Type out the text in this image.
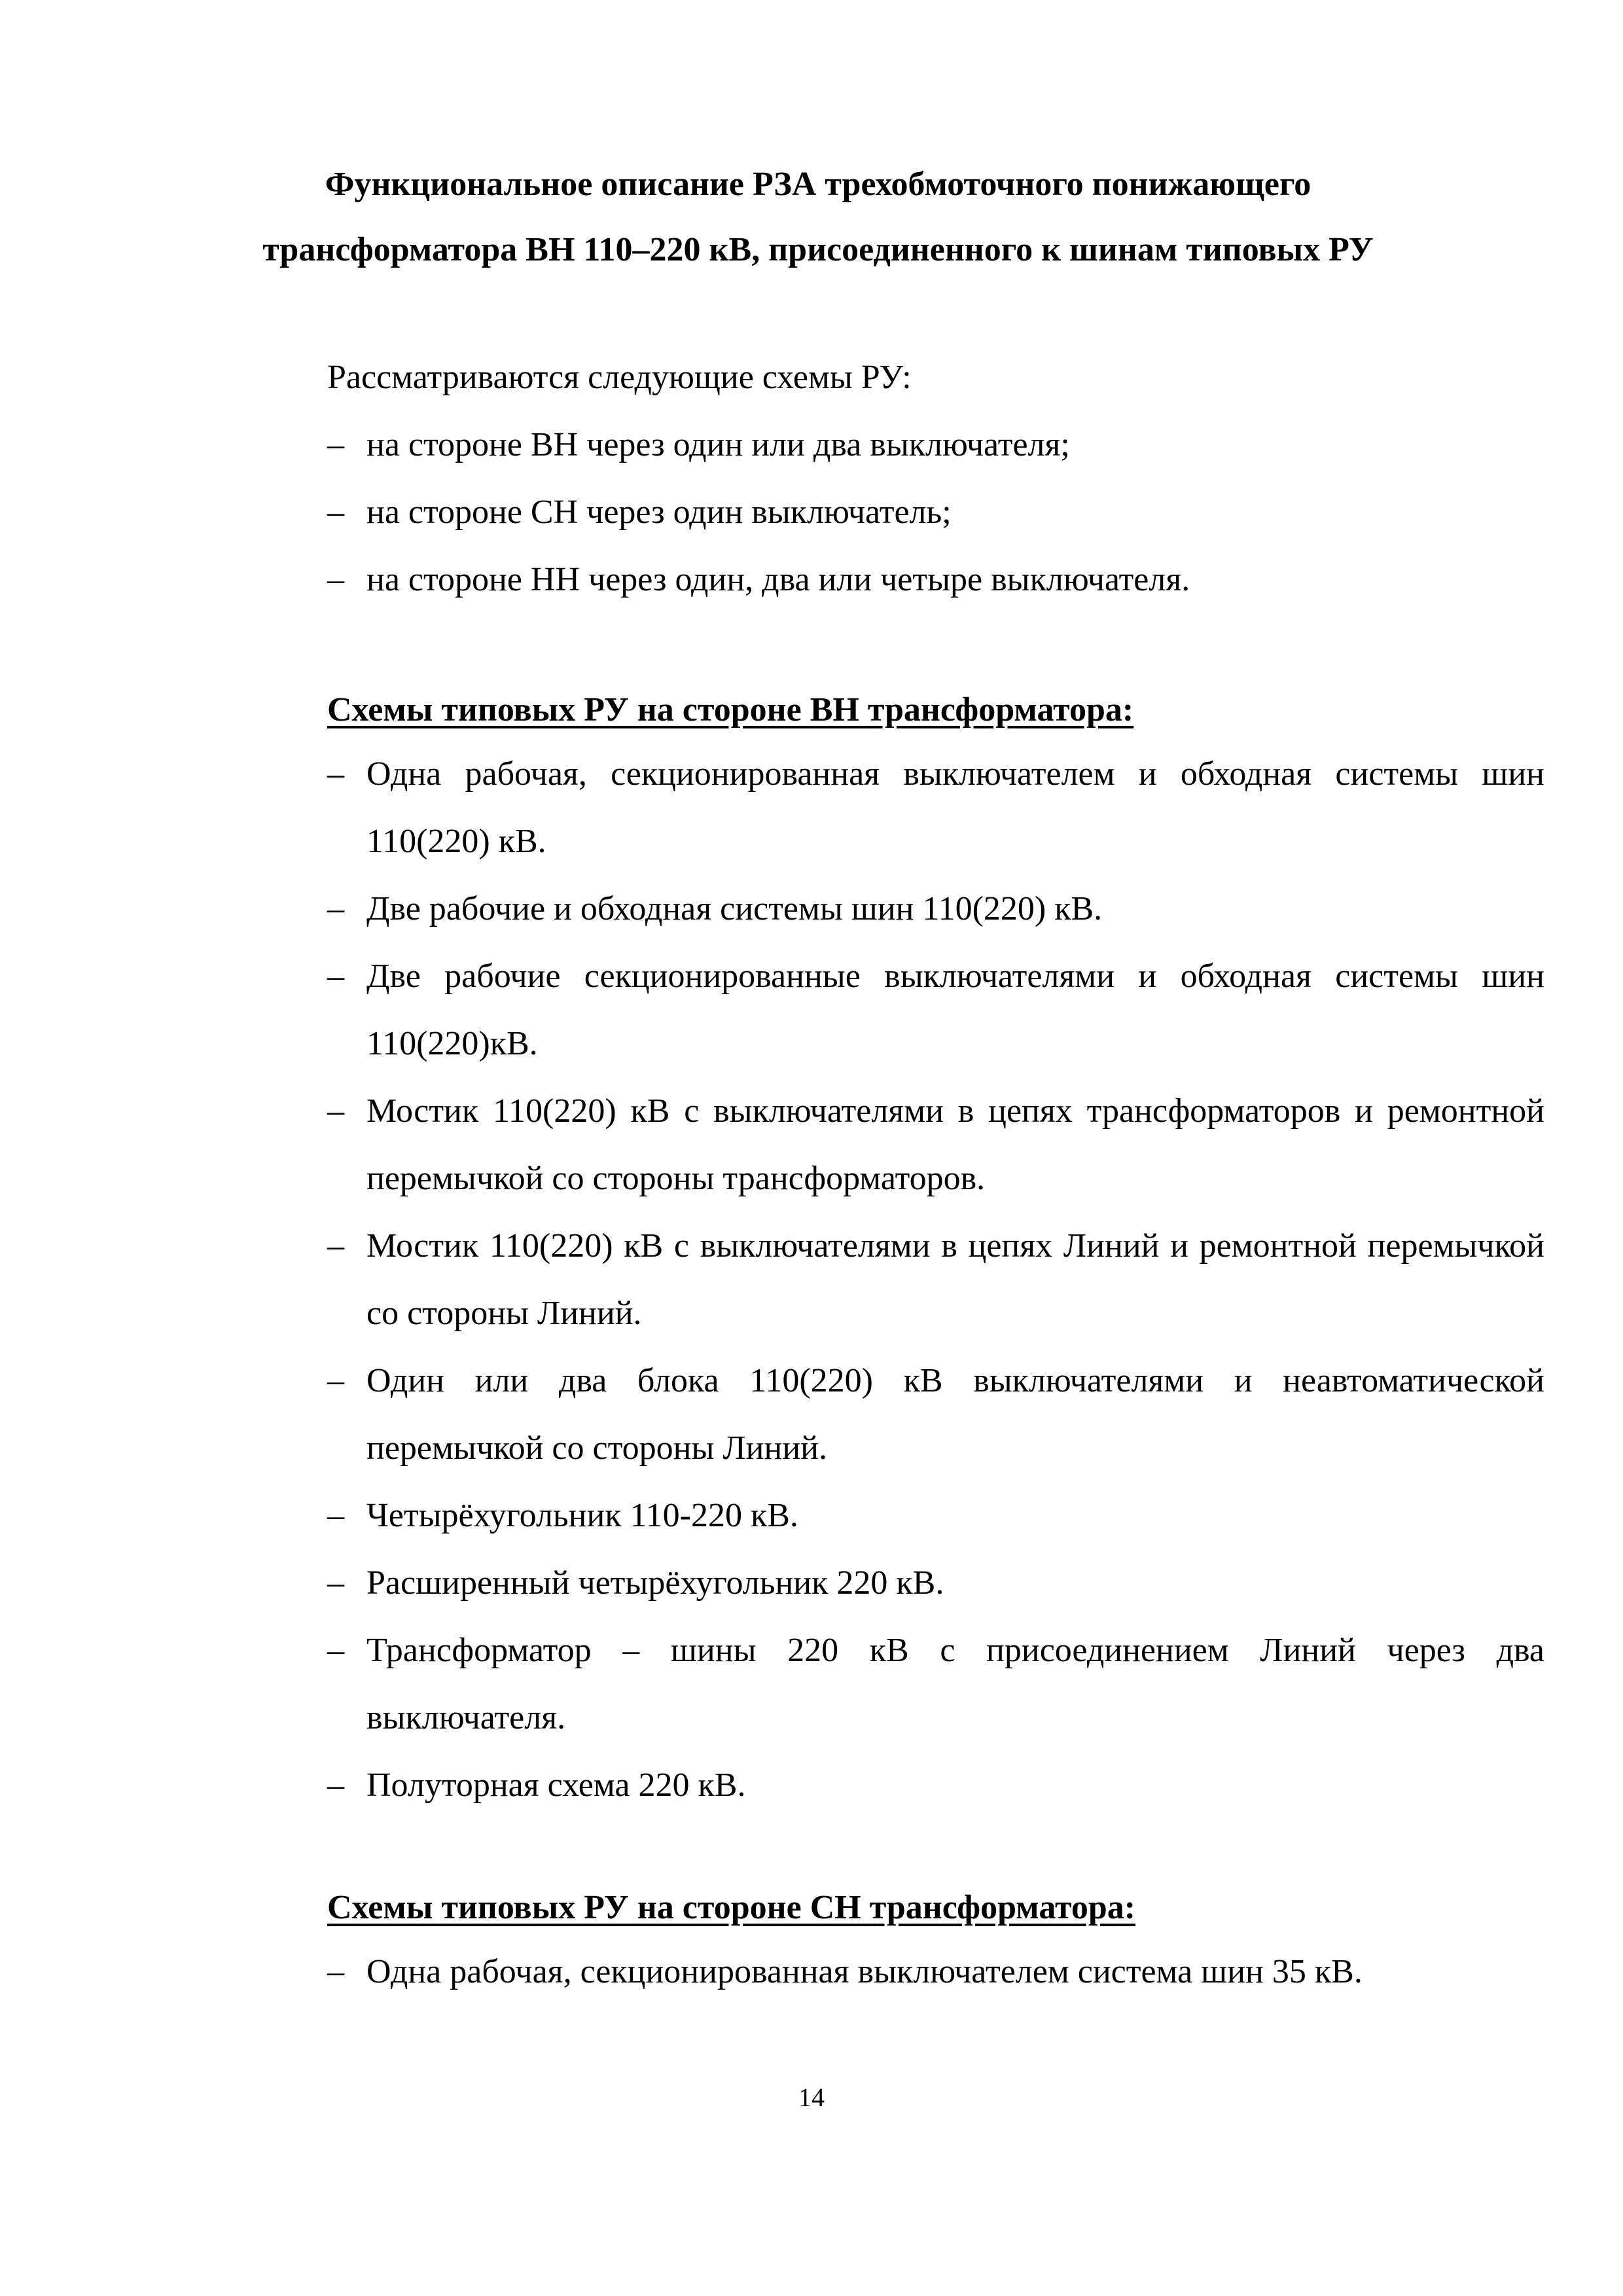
Функциональное описание РЗА трехобмоточного понижающего
трансформатора ВН 110–220 кВ, присоединенного к шинам типовых РУ

Рассматриваются следующие схемы РУ:

– на стороне ВН через один или два выключателя;
– на стороне СН через один выключатель;
– на стороне НН через один, два или четыре выключателя.
Схемы типовых РУ на стороне ВН трансформатора:
– Одна рабочая, секционированная выключателем и обходная системы шин 110(220) кВ.
– Две рабочие и обходная системы шин 110(220) кВ.
– Две рабочие секционированные выключателями и обходная системы шин 110(220)кВ.
– Мостик 110(220) кВ с выключателями в цепях трансформаторов и ремонтной перемычкой со стороны трансформаторов.
– Мостик 110(220) кВ с выключателями в цепях Линий и ремонтной перемычкой со стороны Линий.
– Один или два блока 110(220) кВ выключателями и неавтоматической перемычкой со стороны Линий.
– Четырёхугольник 110-220 кВ.
– Расширенный четырёхугольник 220 кВ.
– Трансформатор – шины 220 кВ с присоединением Линий через два выключателя.
– Полуторная схема 220 кВ.
Схемы типовых РУ на стороне СН трансформатора:
– Одна рабочая, секционированная выключателем система шин 35 кВ.
14
